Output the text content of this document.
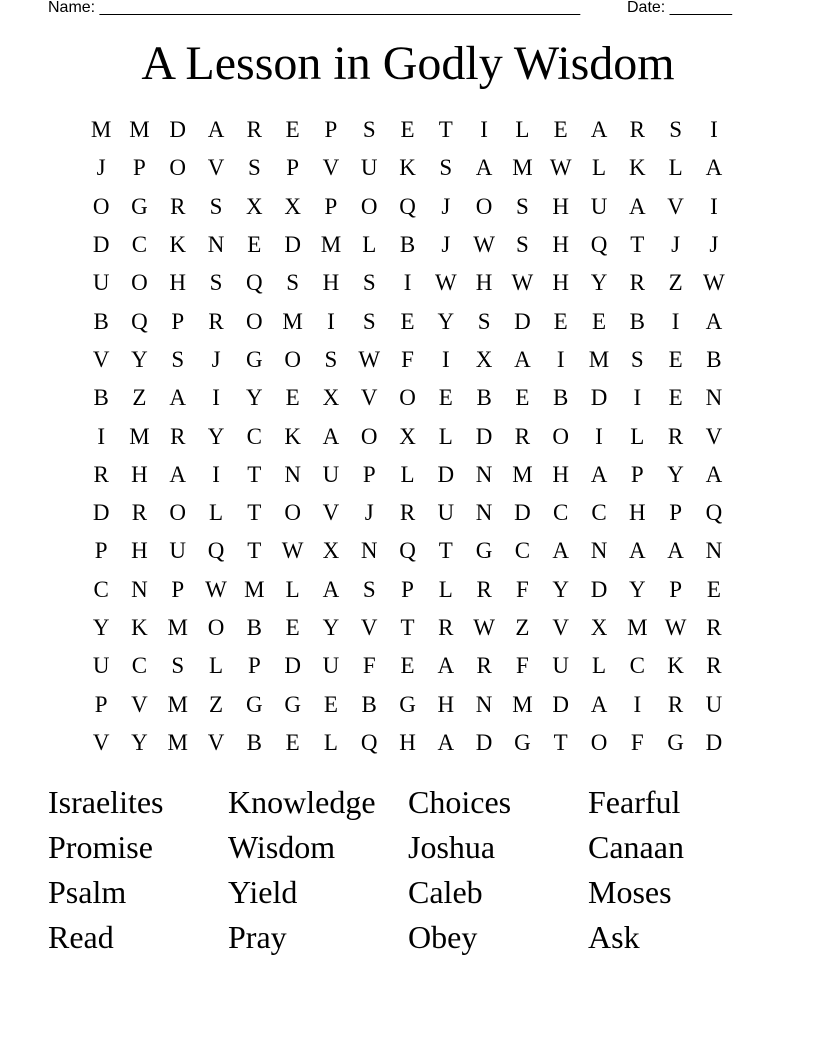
Name: ______________________________________________________	Date: _______
A Lesson in Godly Wisdom
M M D A R	E	P	S	E	T	I	L	E A R	S	I
J	P	O V	S	P	V U K	S	A M W L K L A
O G R	S	X X	P	O Q	J	O	S	H U A V	I
D C K N E D M L	B	J W S	H Q T	J	J
U O H	S	Q	S	H	S	I	W H W H Y R	Z W
B Q	P	R O M	I	S	E Y	S	D E	E	B	I	A
V Y	S	J	G O	S W F	I	X A	I	M S	E	B
B	Z A	I	Y E X V O E	B	E	B D	I	E N
I	M R Y C K A O X L D R O	I	L	R V
R H A	I	T N U	P	L D N M H A	P	Y A
D R O L	T O V	J	R U N D C C H	P	Q
P	H U Q T W X N Q T G C A N A A N
C N	P W M L A	S	P	L	R	F	Y D Y	P	E
Y K M O B	E Y V T	R W Z V X M W R
U C	S	L	P	D U	F	E A R	F	U L	C K R
P	V M Z G G E	B G H N M D A	I	R U
V Y M V B	E	L Q H A D G T O	F	G D
Israelites	Knowledge	Choices	Fearful
Promise	Wisdom	Joshua	Canaan
Psalm	Yield	Caleb	Moses
Read	Pray	Obey	Ask
